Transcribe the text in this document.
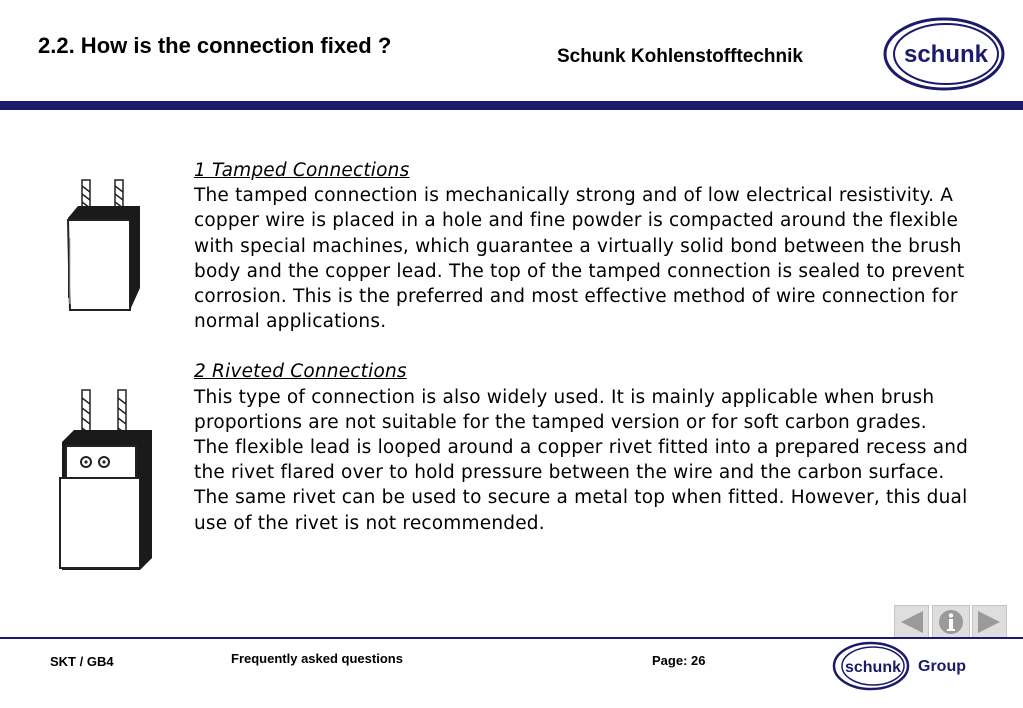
2.2. How is the connection fixed ?	Schunk Kohlenstofftechnik	schunk

1 Tamped Connections

The tamped connection is mechanically strong and of low electrical resistivity. A copper wire is placed in a hole and fine powder is compacted around the flexible with special machines, which guarantee a virtually solid bond between the brush body and the copper lead. The top of the tamped connection is sealed to prevent corrosion. This is the preferred and most effective method of wire connection for normal applications.

2 Riveted Connections

This type of connection is also widely used. It is mainly applicable when brush proportions are not suitable for the tamped version or for soft carbon grades.

The flexible lead is looped around a copper rivet fitted into a prepared recess and the rivet flared over to hold pressure between the wire and the carbon surface. The same rivet can be used to secure a metal top when fitted. However, this dual use of the rivet is not recommended.

SKT / GB4	Frequently asked questions	Page: 26	schunk Group
